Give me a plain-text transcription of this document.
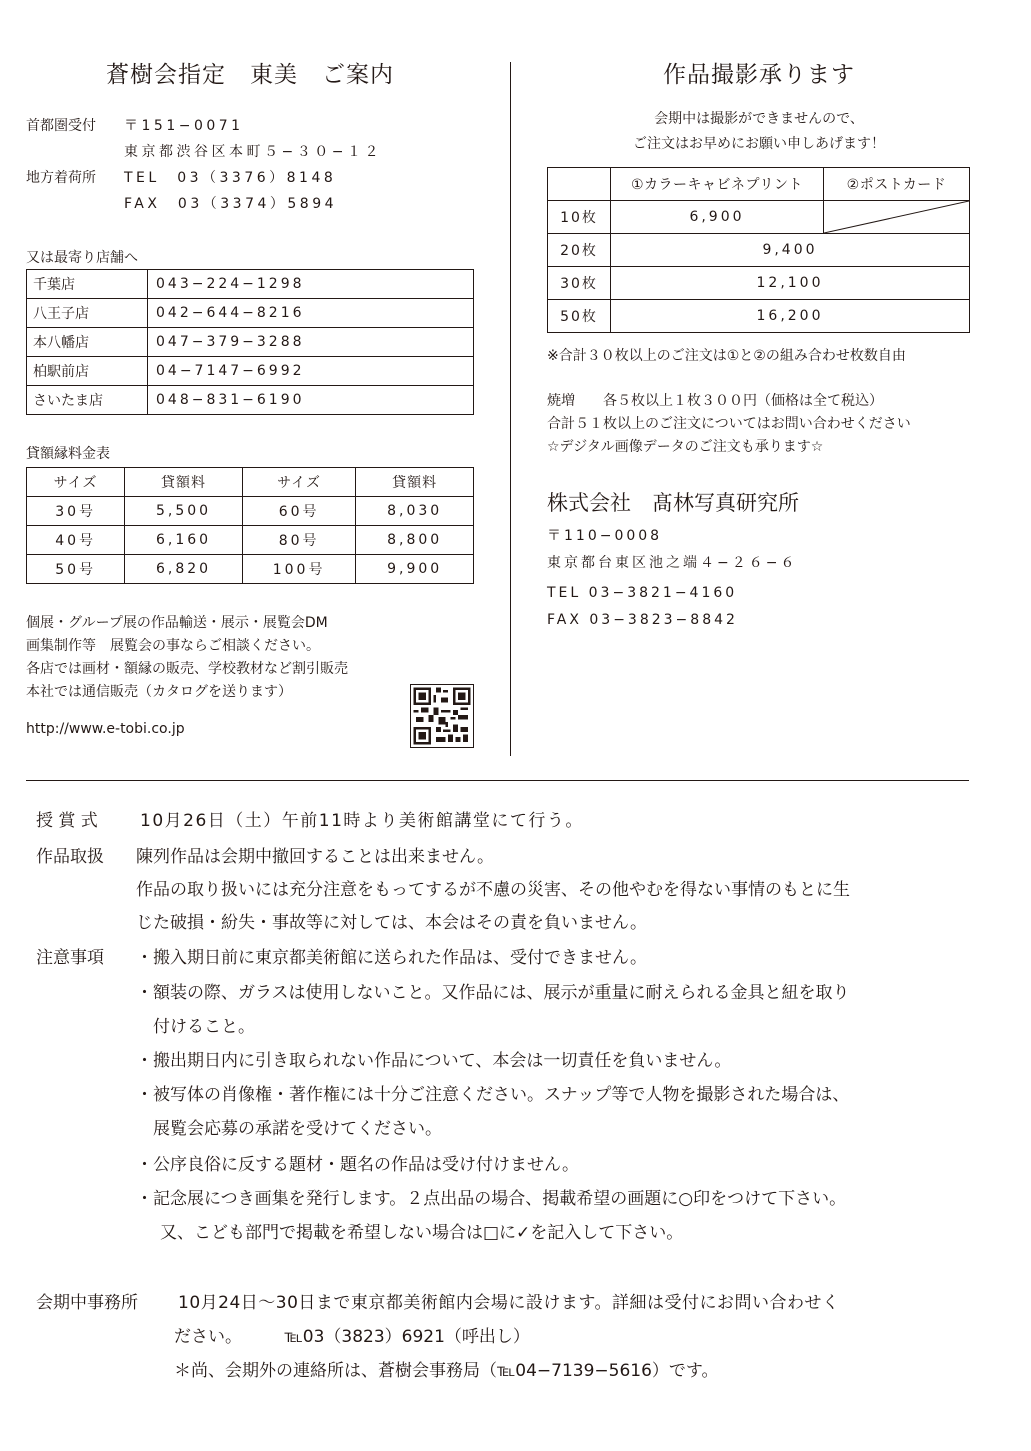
蒼樹会指定　東美　ご案内
首都圏受付	〒151−0071
東京都渋谷区本町５−３０−１２
地方着荷所	TEL　03（3376）8148
FAX　03（3374）5894
又は最寄り店舗へ
千葉店	043−224−1298
八王子店	042−644−8216
本八幡店	047−379−3288
柏駅前店	04−7147−6992
さいたま店	048−831−6190
貸額縁料金表
サイズ	貸額料	サイズ	貸額料
30号	5,500	60号	8,030
40号	6,160	80号	8,800
50号	6,820	100号	9,900
個展・グループ展の作品輸送・展示・展覧会DM
画集制作等　展覧会の事ならご相談ください。
各店では画材・額縁の販売、学校教材など割引販売
本社では通信販売（カタログを送ります）
http://www.e-tobi.co.jp
作品撮影承ります
会期中は撮影ができませんので、
ご注文はお早めにお願い申しあげます！
	①カラーキャビネプリント	②ポストカード
10枚	6,900	

20枚	9,400	
30枚	12,100	
50枚	16,200	
※合計３０枚以上のご注文は①と②の組み合わせ枚数自由
焼増　　各５枚以上１枚３００円（価格は全て税込）
合計５１枚以上のご注文についてはお問い合わせください
☆デジタル画像データのご注文も承ります☆
株式会社　髙林写真研究所
〒110−0008
東京都台東区池之端４−２６−６
TEL 03−3821−4160
FAX 03−3823−8842
授 賞 式 10月26日（土）午前11時より美術館講堂にて行う。
作品取扱 陳列作品は会期中撤回することは出来ません。
作品の取り扱いには充分注意をもってするが不慮の災害、その他やむを得ない事情のもとに生
じた破損・紛失・事故等に対しては、本会はその責を負いません。
注意事項 ・搬入期日前に東京都美術館に送られた作品は、受付できません。
・額装の際、ガラスは使用しないこと。又作品には、展示が重量に耐えられる金具と紐を取り
付けること。
・搬出期日内に引き取られない作品について、本会は一切責任を負いません。
・被写体の肖像権・著作権には十分ご注意ください。スナップ等で人物を撮影された場合は、
展覧会応募の承諾を受けてください。
・公序良俗に反する題材・題名の作品は受け付けません。
・記念展につき画集を発行します。２点出品の場合、掲載希望の画題に○印をつけて下さい。
又、こども部門で掲載を希望しない場合は□に✓を記入して下さい。
会期中事務所 10月24日〜30日まで東京都美術館内会場に設けます。詳細は受付にお問い合わせく
ださい。　　　℡03（3823）6921（呼出し）
＊尚、会期外の連絡所は、蒼樹会事務局（℡04−7139−5616）です。
